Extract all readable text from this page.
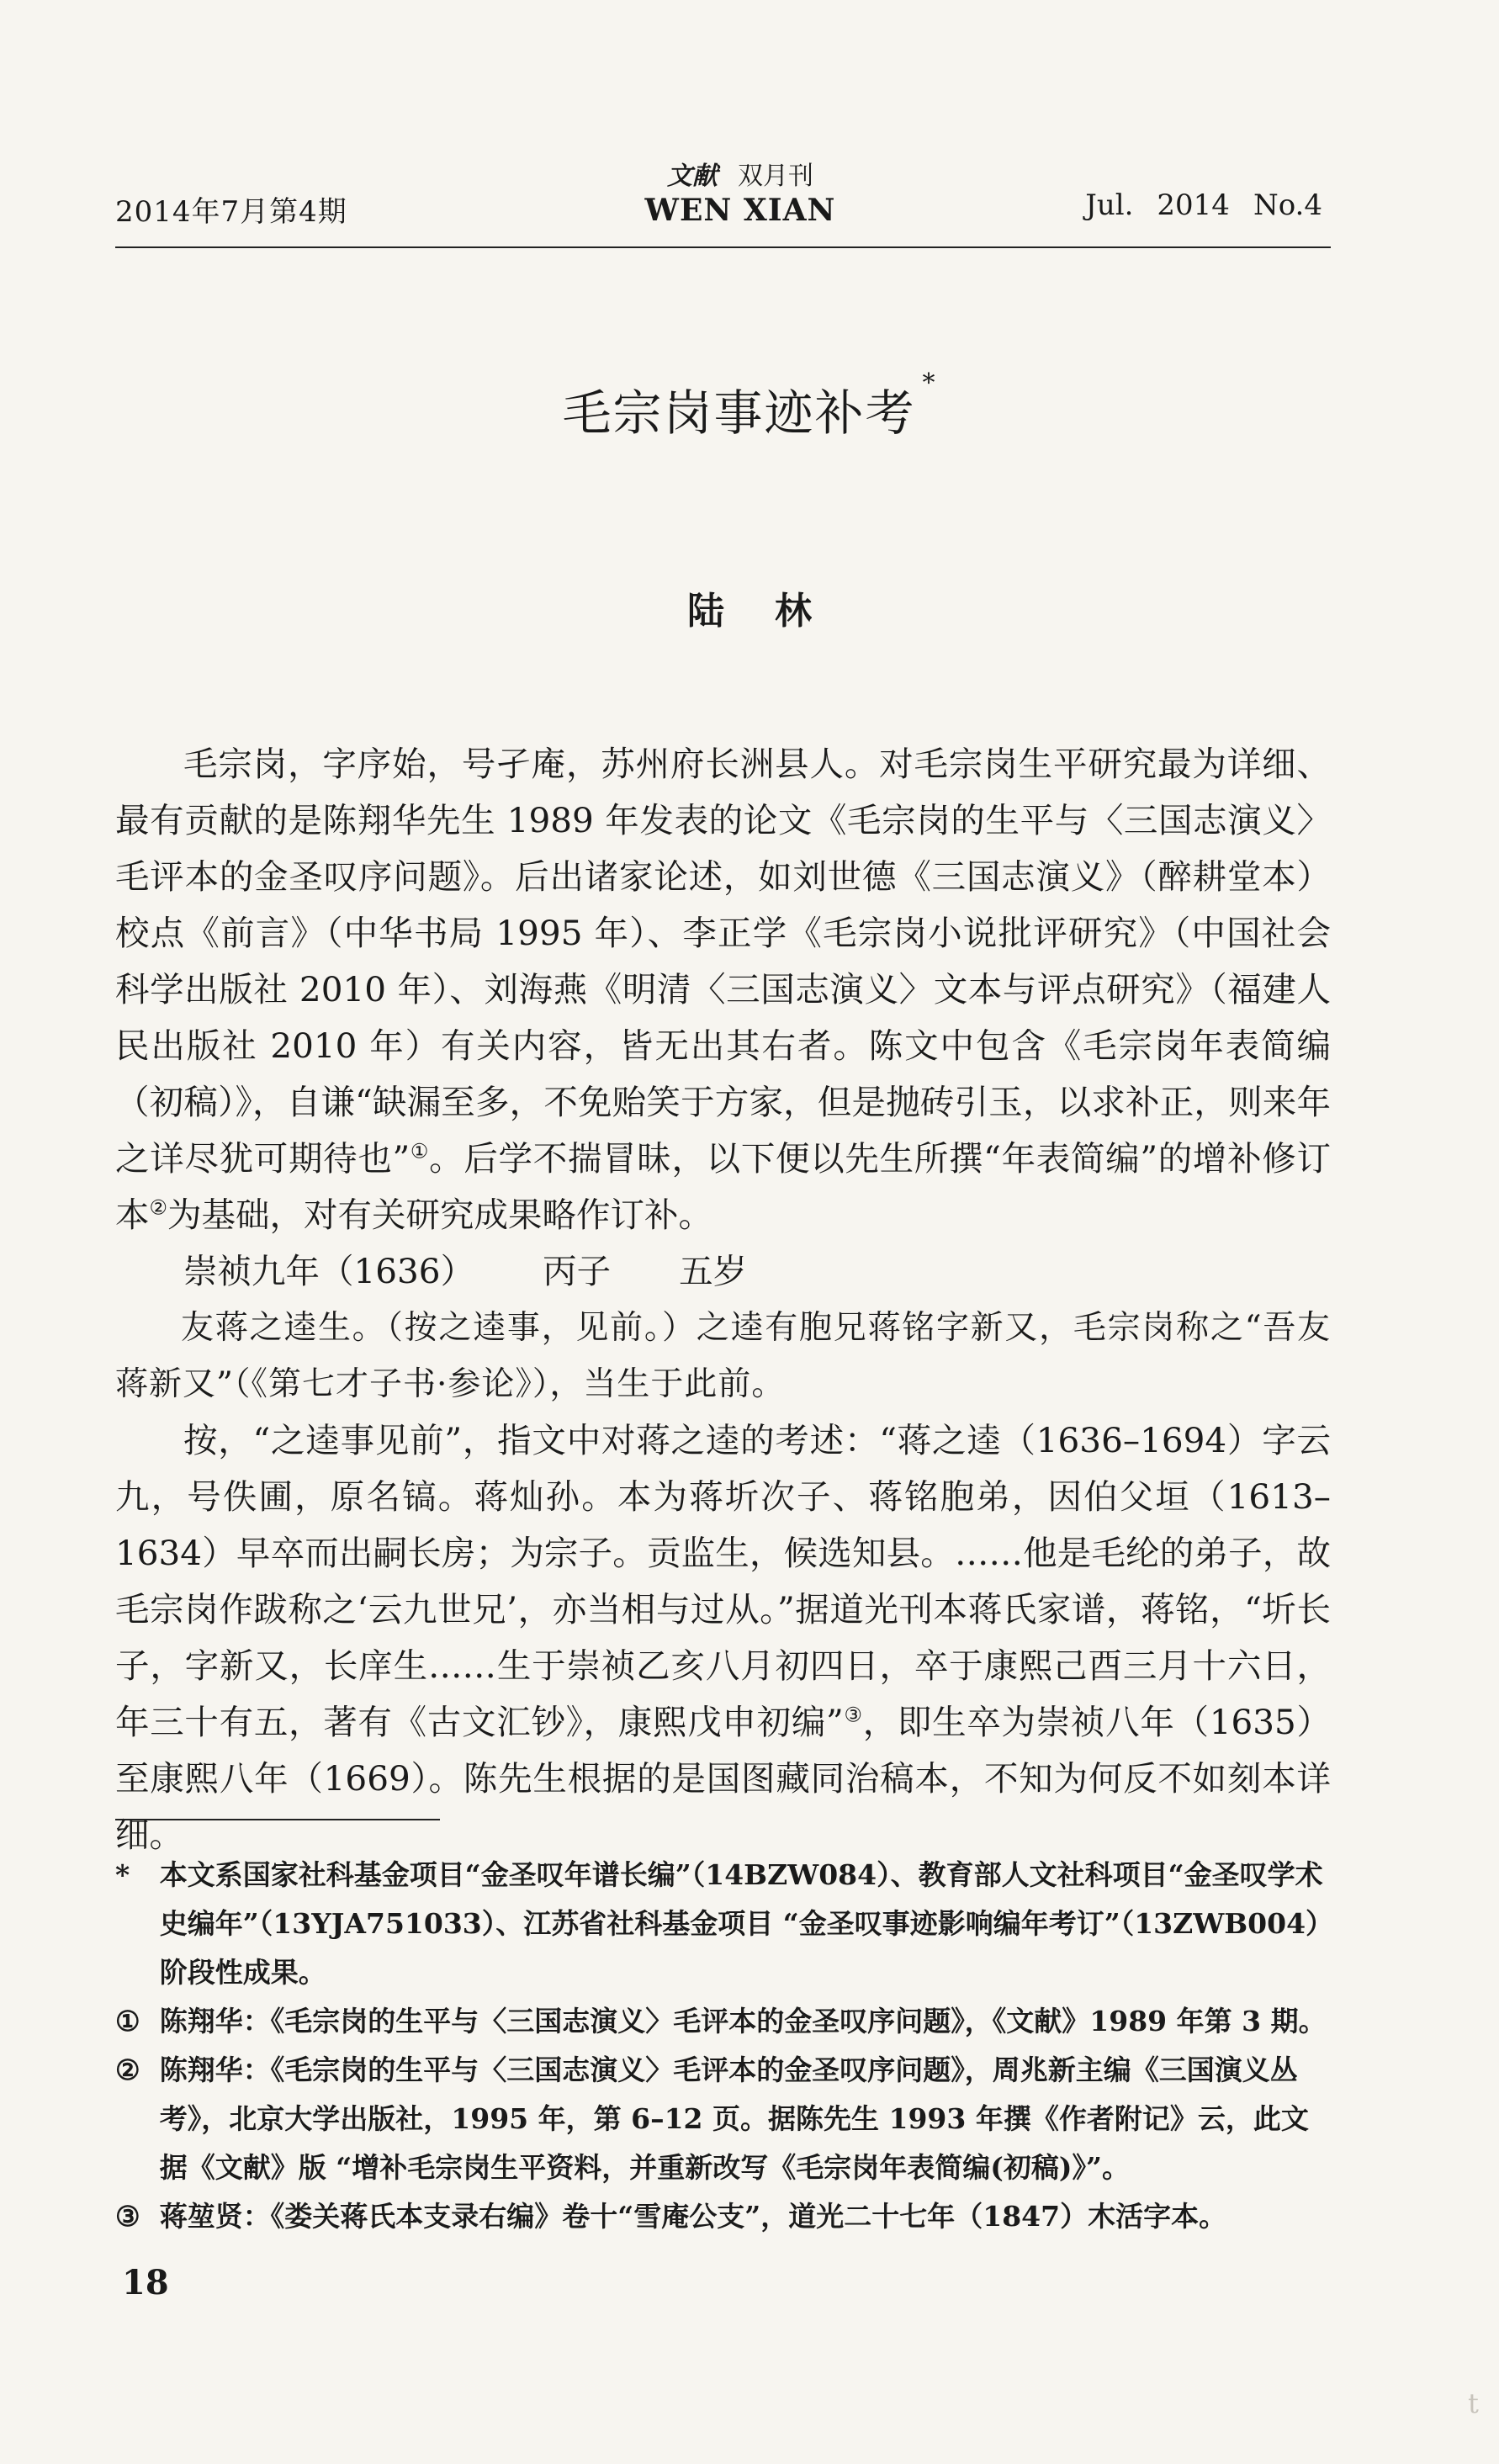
2014年7月第4期
文献 双月刊
WEN XIAN	Jul. 2014 No.4
毛宗岗事迹补考*
陆林

毛宗岗，字序始，号孑庵，苏州府长洲县人。对毛宗岗生平研究最为详细、最有贡献的是陈翔华先生 1989 年发表的论文《毛宗岗的生平与〈三国志演义〉毛评本的金圣叹序问题》。后出诸家论述，如刘世德《三国志演义》（醉耕堂本）校点《前言》（中华书局 1995 年）、李正学《毛宗岗小说批评研究》（中国社会科学出版社 2010 年）、刘海燕《明清〈三国志演义〉文本与评点研究》（福建人民出版社 2010 年）有关内容，皆无出其右者。陈文中包含《毛宗岗年表简编（初稿）》，自谦“缺漏至多，不免贻笑于方家，但是抛砖引玉，以求补正，则来年之详尽犹可期待也”①。后学不揣冒昧，以下便以先生所撰“年表简编”的增补修订本②为基础，对有关研究成果略作订补。

崇祯九年（1636） 丙子 五岁

友蒋之逵生。（按之逵事，见前。）之逵有胞兄蒋铭字新又，毛宗岗称之“吾友蒋新又”（《第七才子书·参论》），当生于此前。

按，“之逵事见前”，指文中对蒋之逵的考述：“蒋之逵（1636–1694）字云九，号佚圃，原名镐。蒋灿孙。本为蒋圻次子、蒋铭胞弟，因伯父垣（1613–1634）早卒而出嗣长房；为宗子。贡监生，候选知县。……他是毛纶的弟子，故毛宗岗作跋称之‘云九世兄’，亦当相与过从。”据道光刊本蒋氏家谱，蒋铭，“圻长子，字新又，长庠生……生于崇祯乙亥八月初四日，卒于康熙己酉三月十六日，年三十有五，著有《古文汇钞》，康熙戊申初编”③，即生卒为崇祯八年（1635）至康熙八年（1669）。陈先生根据的是国图藏同治稿本，不知为何反不如刻本详细。

* 本文系国家社科基金项目“金圣叹年谱长编”（14BZW084）、教育部人文社科项目“金圣叹学术史编年”（13YJA751033）、江苏省社科基金项目 “金圣叹事迹影响编年考订”（13ZWB004）阶段性成果。

① 陈翔华：《毛宗岗的生平与〈三国志演义〉毛评本的金圣叹序问题》，《文献》1989 年第 3 期。

② 陈翔华：《毛宗岗的生平与〈三国志演义〉毛评本的金圣叹序问题》，周兆新主编《三国演义丛考》，北京大学出版社，1995 年，第 6–12 页。据陈先生 1993 年撰《作者附记》云，此文据《文献》版 “增补毛宗岗生平资料，并重新改写《毛宗岗年表简编(初稿)》”。

③ 蒋堃贤：《娄关蒋氏本支录右编》卷十“雪庵公支”，道光二十七年（1847）木活字本。

18
t
